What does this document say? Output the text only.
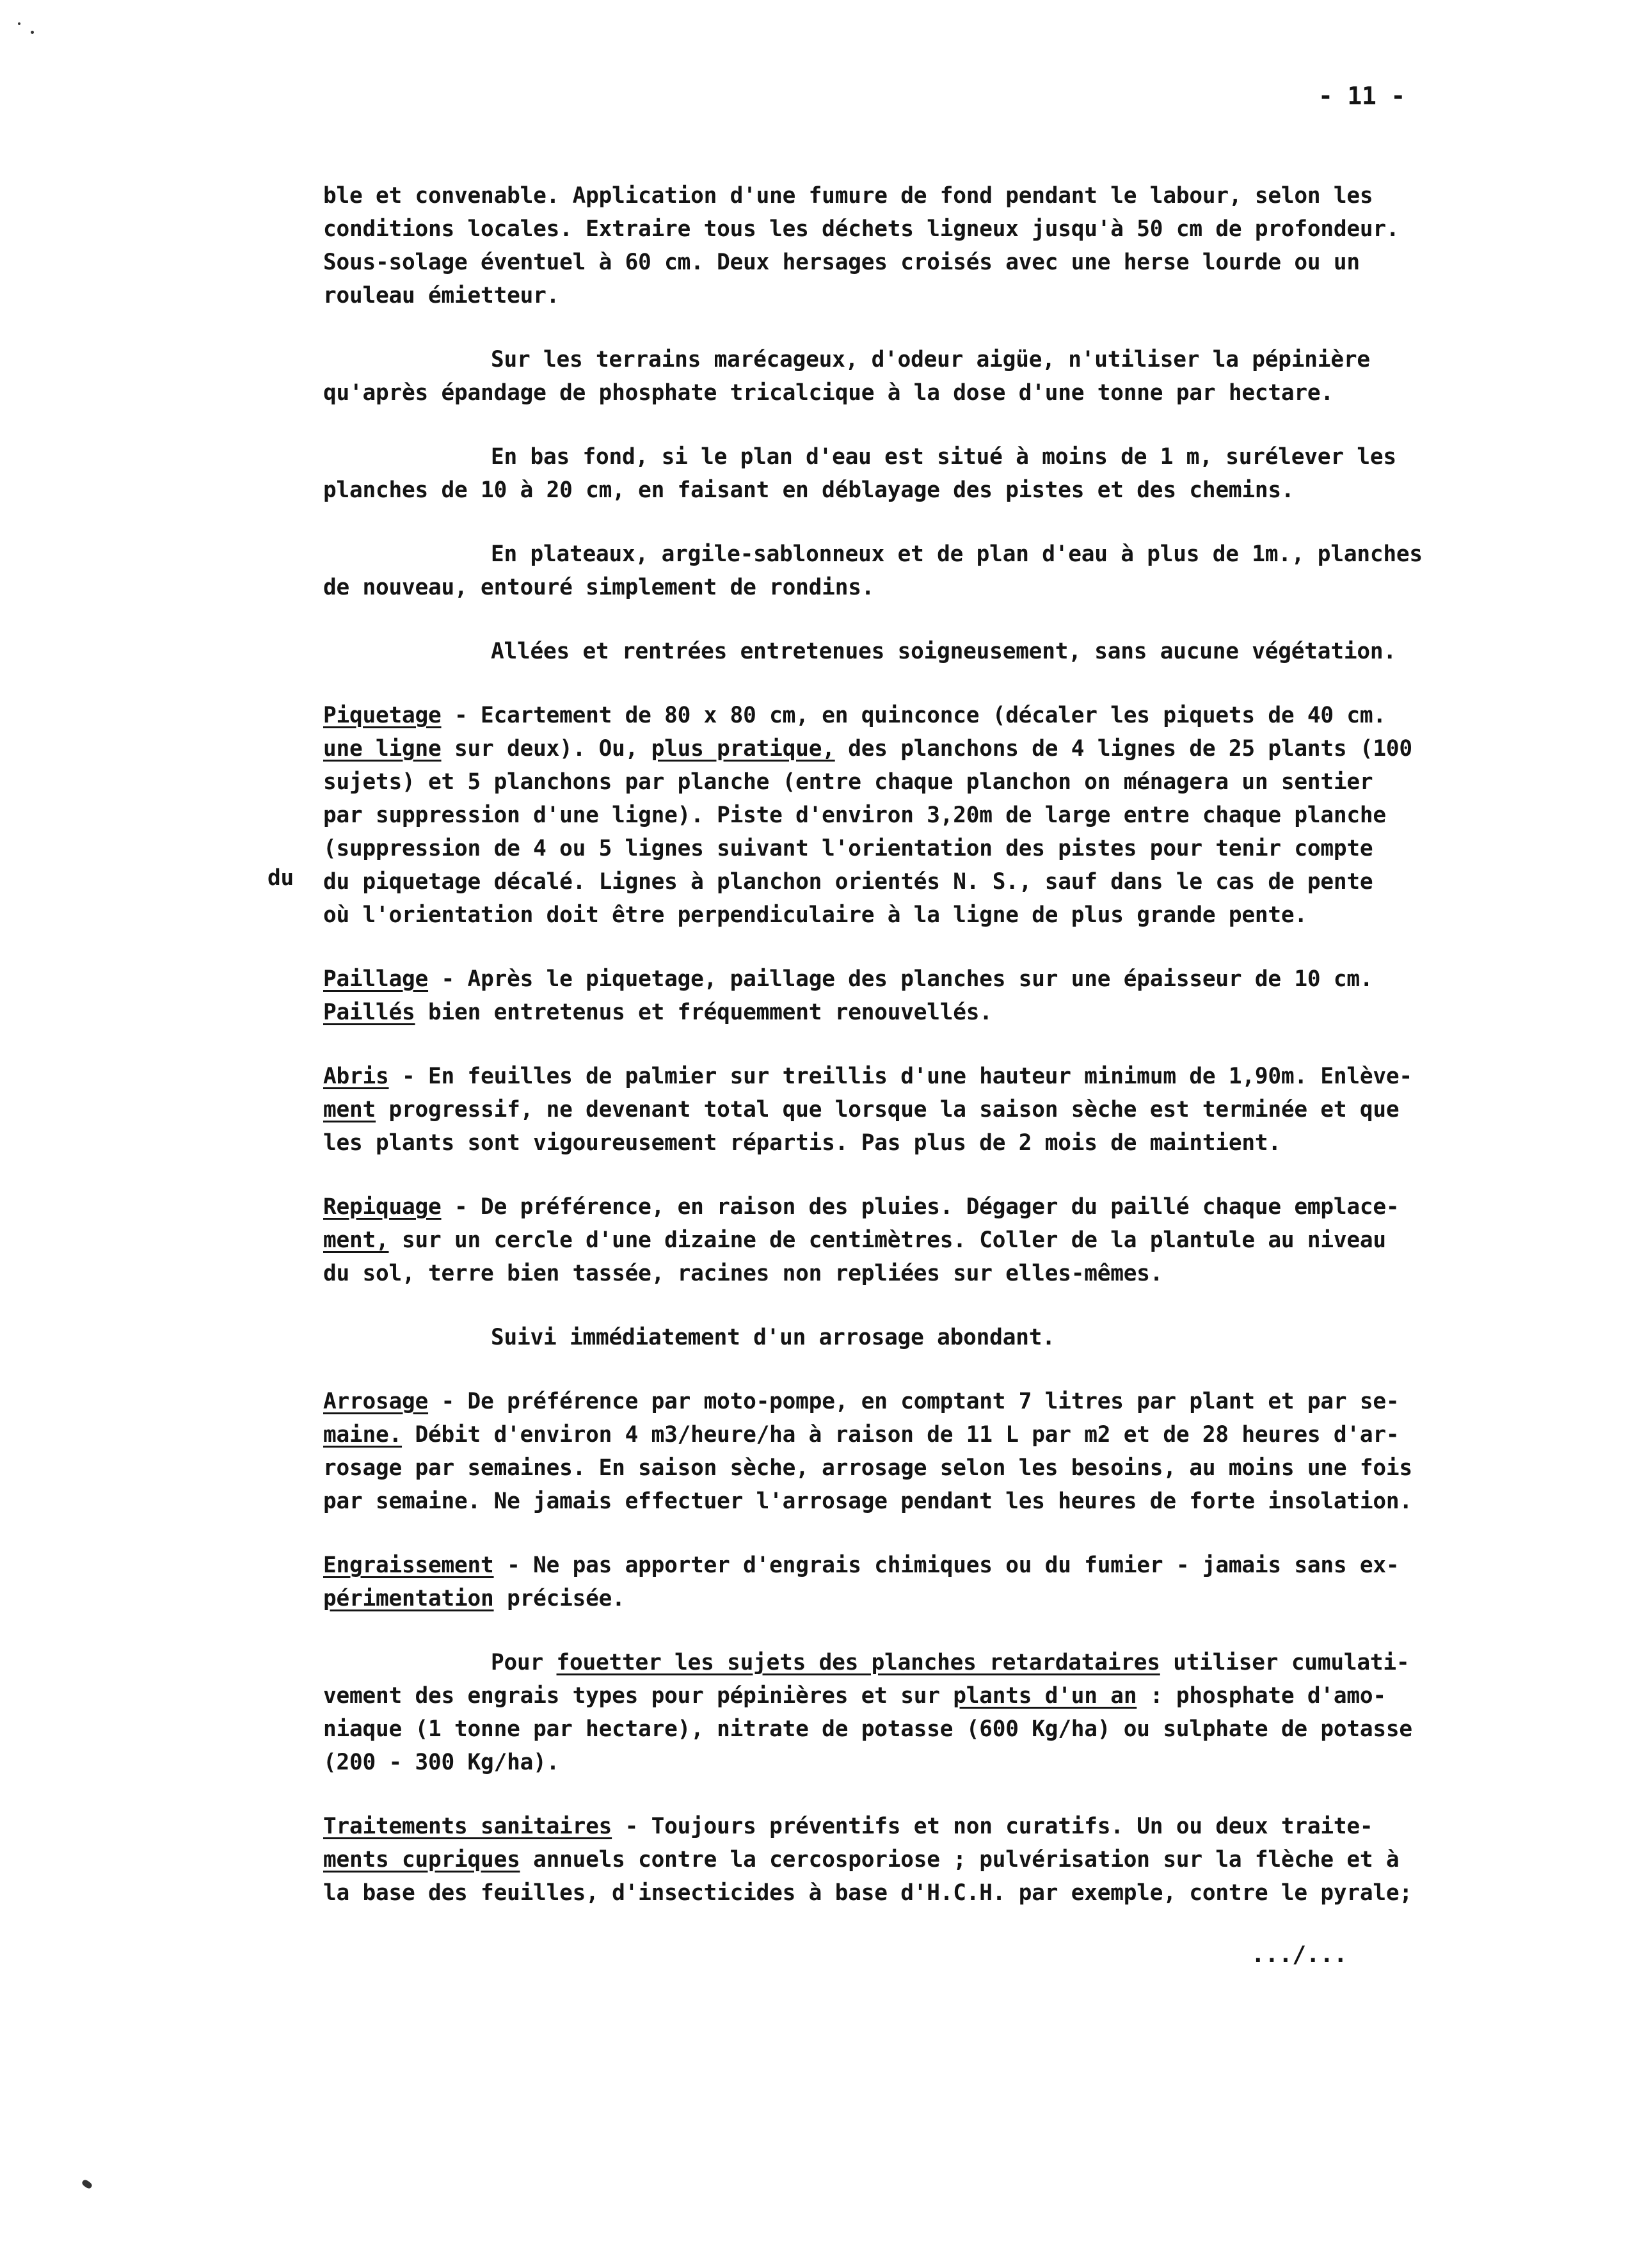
- 11 -
du
ble et convenable. Application d'une fumure de fond pendant le labour, selon les
conditions locales. Extraire tous les déchets ligneux jusqu'à 50 cm de profondeur.
Sous-solage éventuel à 60 cm. Deux hersages croisés avec une herse lourde ou un
rouleau émietteur.
Sur les terrains marécageux, d'odeur aigüe, n'utiliser la pépinière
qu'après épandage de phosphate tricalcique à la dose d'une tonne par hectare.
En bas fond, si le plan d'eau est situé à moins de 1 m, surélever les
planches de 10 à 20 cm, en faisant en déblayage des pistes et des chemins.
En plateaux, argile-sablonneux et de plan d'eau à plus de 1m., planches
de nouveau, entouré simplement de rondins.
Allées et rentrées entretenues soigneusement, sans aucune végétation.
Piquetage - Ecartement de 80 x 80 cm, en quinconce (décaler les piquets de 40 cm.
une ligne sur deux). Ou, plus pratique, des planchons de 4 lignes de 25 plants (100
sujets) et 5 planchons par planche (entre chaque planchon on ménagera un sentier
par suppression d'une ligne). Piste d'environ 3,20m de large entre chaque planche
(suppression de 4 ou 5 lignes suivant l'orientation des pistes pour tenir compte
du piquetage décalé. Lignes à planchon orientés N. S., sauf dans le cas de pente
où l'orientation doit être perpendiculaire à la ligne de plus grande pente.
Paillage - Après le piquetage, paillage des planches sur une épaisseur de 10 cm.
Paillés bien entretenus et fréquemment renouvellés.
Abris - En feuilles de palmier sur treillis d'une hauteur minimum de 1,90m. Enlève-
ment progressif, ne devenant total que lorsque la saison sèche est terminée et que
les plants sont vigoureusement répartis. Pas plus de 2 mois de maintient.
Repiquage - De préférence, en raison des pluies. Dégager du paillé chaque emplace-
ment, sur un cercle d'une dizaine de centimètres. Coller de la plantule au niveau
du sol, terre bien tassée, racines non repliées sur elles-mêmes.
Suivi immédiatement d'un arrosage abondant.
Arrosage - De préférence par moto-pompe, en comptant 7 litres par plant et par se-
maine. Débit d'environ 4 m3/heure/ha à raison de 11 L par m2 et de 28 heures d'ar-
rosage par semaines. En saison sèche, arrosage selon les besoins, au moins une fois
par semaine. Ne jamais effectuer l'arrosage pendant les heures de forte insolation.
Engraissement - Ne pas apporter d'engrais chimiques ou du fumier - jamais sans ex-
périmentation précisée.
Pour fouetter les sujets des planches retardataires utiliser cumulati-
vement des engrais types pour pépinières et sur plants d'un an : phosphate d'amo-
niaque (1 tonne par hectare), nitrate de potasse (600 Kg/ha) ou sulphate de potasse
(200 - 300 Kg/ha).
Traitements sanitaires - Toujours préventifs et non curatifs. Un ou deux traite-
ments cupriques annuels contre la cercosporiose ; pulvérisation sur la flèche et à
la base des feuilles, d'insecticides à base d'H.C.H. par exemple, contre le pyrale;
.../...
